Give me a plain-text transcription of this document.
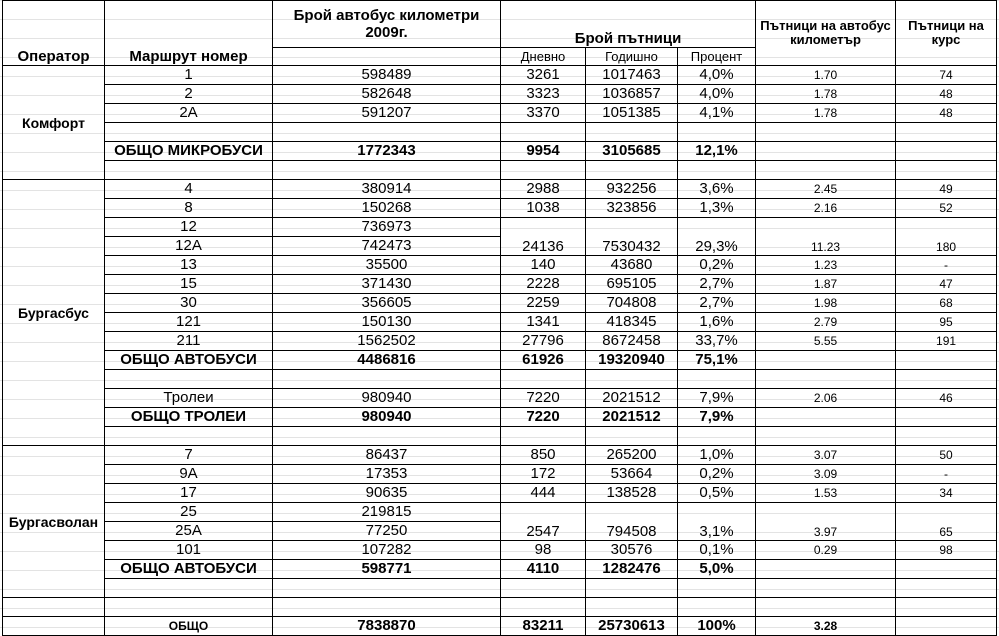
Оператор	Маршрут номер	Брой автобус километри 2009г.	Брой пътници			Пътници на автобус километър	Пътници на курс
			Дневно	Годишно	Процент		
Комфорт	1	598489	3261	1017463	4,0%	1.70	74
	2	582648	3323	1036857	4,0%	1.78	48
	2А	591207	3370	1051385	4,1%	1.78	48

	ОБЩО МИКРОБУСИ	1772343	9954	3105685	12,1%		

Бургасбус	4	380914	2988	932256	3,6%	2.45	49
	8	150268	1038	323856	1,3%	2.16	52
	12	736973	24136	7530432	29,3%	11.23	180
	12А	742473					
	13	35500	140	43680	0,2%	1.23	-
	15	371430	2228	695105	2,7%	1.87	47
	30	356605	2259	704808	2,7%	1.98	68
	121	150130	1341	418345	1,6%	2.79	95
	211	1562502	27796	8672458	33,7%	5.55	191
	ОБЩО АВТОБУСИ	4486816	61926	19320940	75,1%		

	Тролеи	980940	7220	2021512	7,9%	2.06	46
	ОБЩО ТРОЛЕИ	980940	7220	2021512	7,9%		

Бургасволан	7	86437	850	265200	1,0%	3.07	50
	9А	17353	172	53664	0,2%	3.09	-
	17	90635	444	138528	0,5%	1.53	34
	25	219815	2547	794508	3,1%	3.97	65
	25А	77250					
	101	107282	98	30576	0,1%	0.29	98
	ОБЩО АВТОБУСИ	598771	4110	1282476	5,0%		

	ОБЩО	7838870	83211	25730613	100%	3.28	
